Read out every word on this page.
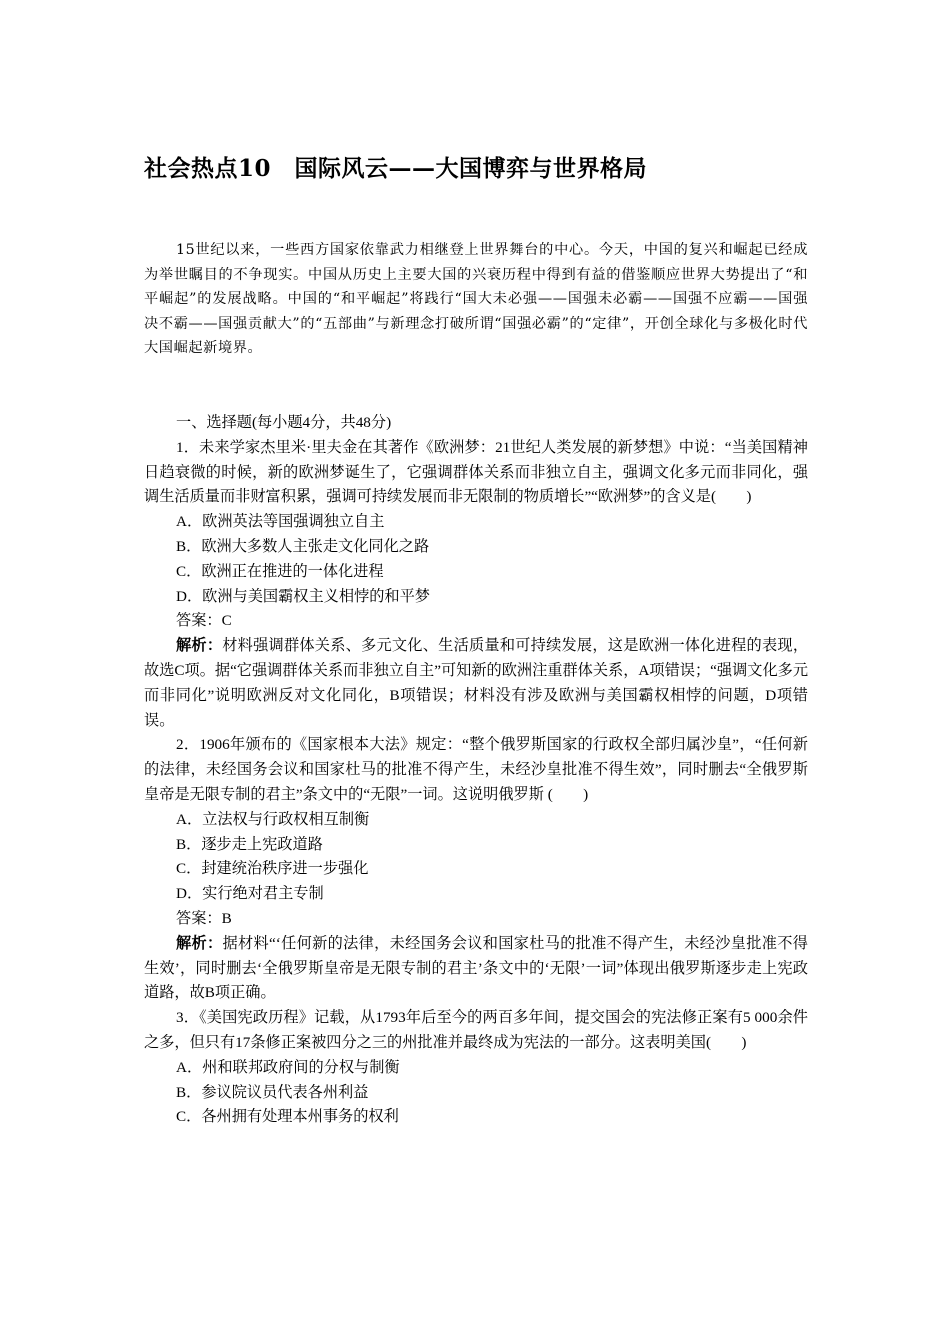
社会热点10　国际风云——大国博弈与世界格局
15世纪以来，一些西方国家依靠武力相继登上世界舞台的中心。今天，中国的复兴和崛起已经成为举世瞩目的不争现实。中国从历史上主要大国的兴衰历程中得到有益的借鉴顺应世界大势提出了“和平崛起”的发展战略。中国的“和平崛起”将践行“国大未必强——国强未必霸——国强不应霸——国强决不霸——国强贡献大”的“五部曲”与新理念打破所谓“国强必霸”的“定律”，开创全球化与多极化时代大国崛起新境界。

一、选择题(每小题4分，共48分)

1．未来学家杰里米·里夫金在其著作《欧洲梦：21世纪人类发展的新梦想》中说：“当美国精神日趋衰微的时候，新的欧洲梦诞生了，它强调群体关系而非独立自主，强调文化多元而非同化，强调生活质量而非财富积累，强调可持续发展而非无限制的物质增长”“欧洲梦”的含义是(　　)

A．欧洲英法等国强调独立自主

B．欧洲大多数人主张走文化同化之路

C．欧洲正在推进的一体化进程

D．欧洲与美国霸权主义相悖的和平梦

答案：C

解析：材料强调群体关系、多元文化、生活质量和可持续发展，这是欧洲一体化进程的表现，故选C项。据“它强调群体关系而非独立自主”可知新的欧洲注重群体关系，A项错误；“强调文化多元而非同化”说明欧洲反对文化同化，B项错误；材料没有涉及欧洲与美国霸权相悖的问题，D项错误。

2．1906年颁布的《国家根本大法》规定：“整个俄罗斯国家的行政权全部归属沙皇”，“任何新的法律，未经国务会议和国家杜马的批准不得产生，未经沙皇批准不得生效”，同时删去“全俄罗斯皇帝是无限专制的君主”条文中的“无限”一词。这说明俄罗斯 (　　)

A．立法权与行政权相互制衡

B．逐步走上宪政道路

C．封建统治秩序进一步强化

D．实行绝对君主专制

答案：B

解析：据材料“‘任何新的法律，未经国务会议和国家杜马的批准不得产生，未经沙皇批准不得生效’，同时删去‘全俄罗斯皇帝是无限专制的君主’条文中的‘无限’一词”体现出俄罗斯逐步走上宪政道路，故B项正确。

3．《美国宪政历程》记载，从1793年后至今的两百多年间，提交国会的宪法修正案有5 000余件之多，但只有17条修正案被四分之三的州批准并最终成为宪法的一部分。这表明美国(　　)

A．州和联邦政府间的分权与制衡

B．参议院议员代表各州利益

C．各州拥有处理本州事务的权利
